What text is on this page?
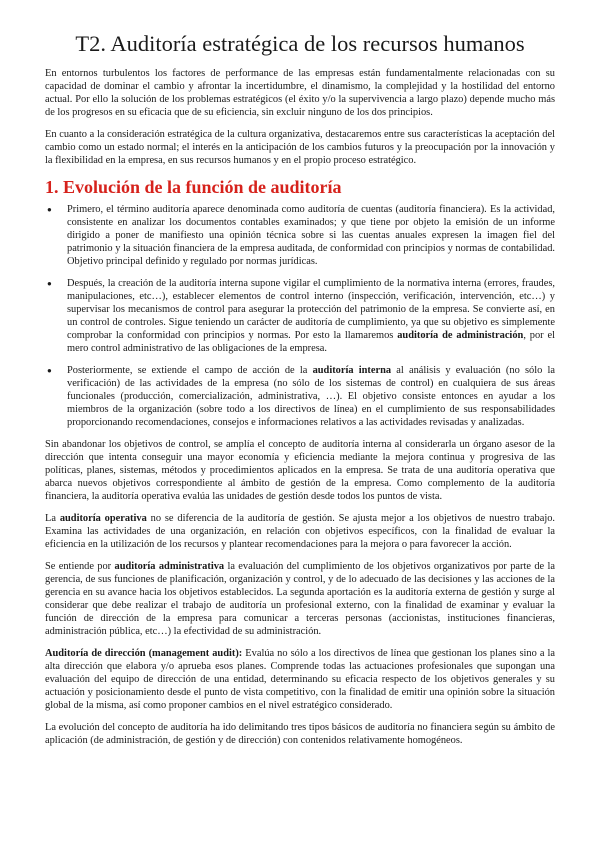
T2. Auditoría estratégica de los recursos humanos

En entornos turbulentos los factores de performance de las empresas están fundamentalmente relacionadas con su capacidad de dominar el cambio y afrontar la incertidumbre, el dinamismo, la complejidad y la hostilidad del entorno actual. Por ello la solución de los problemas estratégicos (el éxito y/o la supervivencia a largo plazo) depende mucho más de los progresos en su eficacia que de su eficiencia, sin excluir ninguno de los dos principios.

En cuanto a la consideración estratégica de la cultura organizativa, destacaremos entre sus características la aceptación del cambio como un estado normal; el interés en la anticipación de los cambios futuros y la preocupación por la innovación y la flexibilidad en la empresa, en sus recursos humanos y en el propio proceso estratégico.

1. Evolución de la función de auditoría
● Primero, el término auditoría aparece denominada como auditoría de cuentas (auditoría financiera). Es la actividad, consistente en analizar los documentos contables examinados; y que tiene por objeto la emisión de un informe dirigido a poner de manifiesto una opinión técnica sobre si las cuentas anuales expresen la imagen fiel del patrimonio y la situación financiera de la empresa auditada, de conformidad con principios y normas de contabilidad. Objetivo principal definido y regulado por normas jurídicas.
● Después, la creación de la auditoría interna supone vigilar el cumplimiento de la normativa interna (errores, fraudes, manipulaciones, etc…), establecer elementos de control interno (inspección, verificación, intervención, etc…) y supervisar los mecanismos de control para asegurar la protección del patrimonio de la empresa. Se convierte así, en un control de controles. Sigue teniendo un carácter de auditoría de cumplimiento, ya que su objetivo es simplemente comprobar la conformidad con principios y normas. Por esto la llamaremos auditoría de administración, por el mero control administrativo de las obligaciones de la empresa.
● Posteriormente, se extiende el campo de acción de la auditoría interna al análisis y evaluación (no sólo la verificación) de las actividades de la empresa (no sólo de los sistemas de control) en cualquiera de sus áreas funcionales (producción, comercialización, administrativa, …). El objetivo consiste entonces en ayudar a los miembros de la organización (sobre todo a los directivos de línea) en el cumplimiento de sus responsabilidades proporcionando recomendaciones, consejos e informaciones relativos a las actividades revisadas y analizadas.

Sin abandonar los objetivos de control, se amplía el concepto de auditoría interna al considerarla un órgano asesor de la dirección que intenta conseguir una mayor economía y eficiencia mediante la mejora continua y progresiva de las políticas, planes, sistemas, métodos y procedimientos aplicados en la empresa. Se trata de una auditoría operativa que abarca nuevos objetivos correspondiente al ámbito de gestión de la empresa. Como complemento de la auditoría financiera, la auditoría operativa evalúa las unidades de gestión desde todos los puntos de vista.

La auditoría operativa no se diferencia de la auditoría de gestión. Se ajusta mejor a los objetivos de nuestro trabajo. Examina las actividades de una organización, en relación con objetivos específicos, con la finalidad de evaluar la eficiencia en la utilización de los recursos y plantear recomendaciones para la mejora o para favorecer la acción.

Se entiende por auditoría administrativa la evaluación del cumplimiento de los objetivos organizativos por parte de la gerencia, de sus funciones de planificación, organización y control, y de lo adecuado de las decisiones y las acciones de la gerencia en su avance hacia los objetivos establecidos. La segunda aportación es la auditoría externa de gestión y surge al considerar que debe realizar el trabajo de auditoría un profesional externo, con la finalidad de examinar y evaluar la función de dirección de la empresa para comunicar a terceras personas (accionistas, instituciones financieras, administración pública, etc…) la efectividad de su administración.

Auditoría de dirección (management audit): Evalúa no sólo a los directivos de línea que gestionan los planes sino a la alta dirección que elabora y/o aprueba esos planes. Comprende todas las actuaciones profesionales que supongan una evaluación del equipo de dirección de una entidad, determinando su eficacia respecto de los objetivos generales y su actuación y posicionamiento desde el punto de vista competitivo, con la finalidad de emitir una opinión sobre la situación global de la misma, así como proponer cambios en el nivel estratégico considerado.

La evolución del concepto de auditoría ha ido delimitando tres tipos básicos de auditoría no financiera según su ámbito de aplicación (de administración, de gestión y de dirección) con contenidos relativamente homogéneos.
